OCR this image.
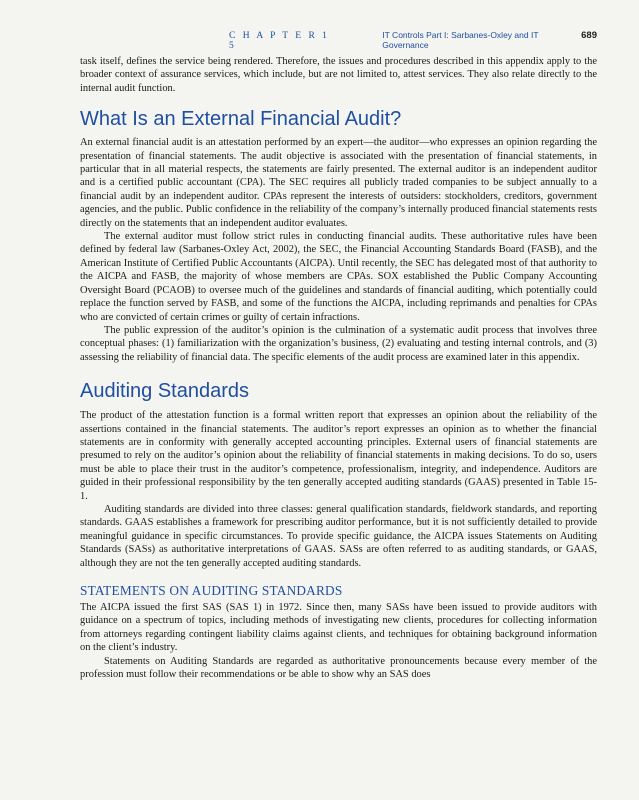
C H A P T E R 1 5
IT Controls Part I: Sarbanes-Oxley and IT Governance
689

task itself, defines the service being rendered. Therefore, the issues and procedures described in this appendix apply to the broader context of assurance services, which include, but are not limited to, attest services. They also relate directly to the internal audit function.

What Is an External Financial Audit?

An external financial audit is an attestation performed by an expert—the auditor—who expresses an opinion regarding the presentation of financial statements. The audit objective is associated with the presentation of financial statements, in particular that in all material respects, the statements are fairly presented. The external auditor is an independent auditor and is a certified public accountant (CPA). The SEC requires all publicly traded companies to be subject annually to a financial audit by an independent auditor. CPAs represent the interests of outsiders: stockholders, creditors, government agencies, and the public. Public confidence in the reliability of the company’s internally produced financial statements rests directly on the statements that an independent auditor evaluates.

The external auditor must follow strict rules in conducting financial audits. These authoritative rules have been defined by federal law (Sarbanes-Oxley Act, 2002), the SEC, the Financial Accounting Standards Board (FASB), and the American Institute of Certified Public Accountants (AICPA). Until recently, the SEC has delegated most of that authority to the AICPA and FASB, the majority of whose members are CPAs. SOX established the Public Company Accounting Oversight Board (PCAOB) to oversee much of the guidelines and standards of financial auditing, which potentially could replace the function served by FASB, and some of the functions the AICPA, including reprimands and penalties for CPAs who are convicted of certain crimes or guilty of certain infractions.

The public expression of the auditor’s opinion is the culmination of a systematic audit process that involves three conceptual phases: (1) familiarization with the organization’s business, (2) evaluating and testing internal controls, and (3) assessing the reliability of financial data. The specific elements of the audit process are examined later in this appendix.

Auditing Standards

The product of the attestation function is a formal written report that expresses an opinion about the reliability of the assertions contained in the financial statements. The auditor’s report expresses an opinion as to whether the financial statements are in conformity with generally accepted accounting principles. External users of financial statements are presumed to rely on the auditor’s opinion about the reliability of financial statements in making decisions. To do so, users must be able to place their trust in the auditor’s competence, professionalism, integrity, and independence. Auditors are guided in their professional responsibility by the ten generally accepted auditing standards (GAAS) presented in Table 15-1.

Auditing standards are divided into three classes: general qualification standards, fieldwork standards, and reporting standards. GAAS establishes a framework for prescribing auditor performance, but it is not sufficiently detailed to provide meaningful guidance in specific circumstances. To provide specific guidance, the AICPA issues Statements on Auditing Standards (SASs) as authoritative interpretations of GAAS. SASs are often referred to as auditing standards, or GAAS, although they are not the ten generally accepted auditing standards.

STATEMENTS ON AUDITING STANDARDS

The AICPA issued the first SAS (SAS 1) in 1972. Since then, many SASs have been issued to provide auditors with guidance on a spectrum of topics, including methods of investigating new clients, procedures for collecting information from attorneys regarding contingent liability claims against clients, and techniques for obtaining background information on the client’s industry.

Statements on Auditing Standards are regarded as authoritative pronouncements because every member of the profession must follow their recommendations or be able to show why an SAS does
